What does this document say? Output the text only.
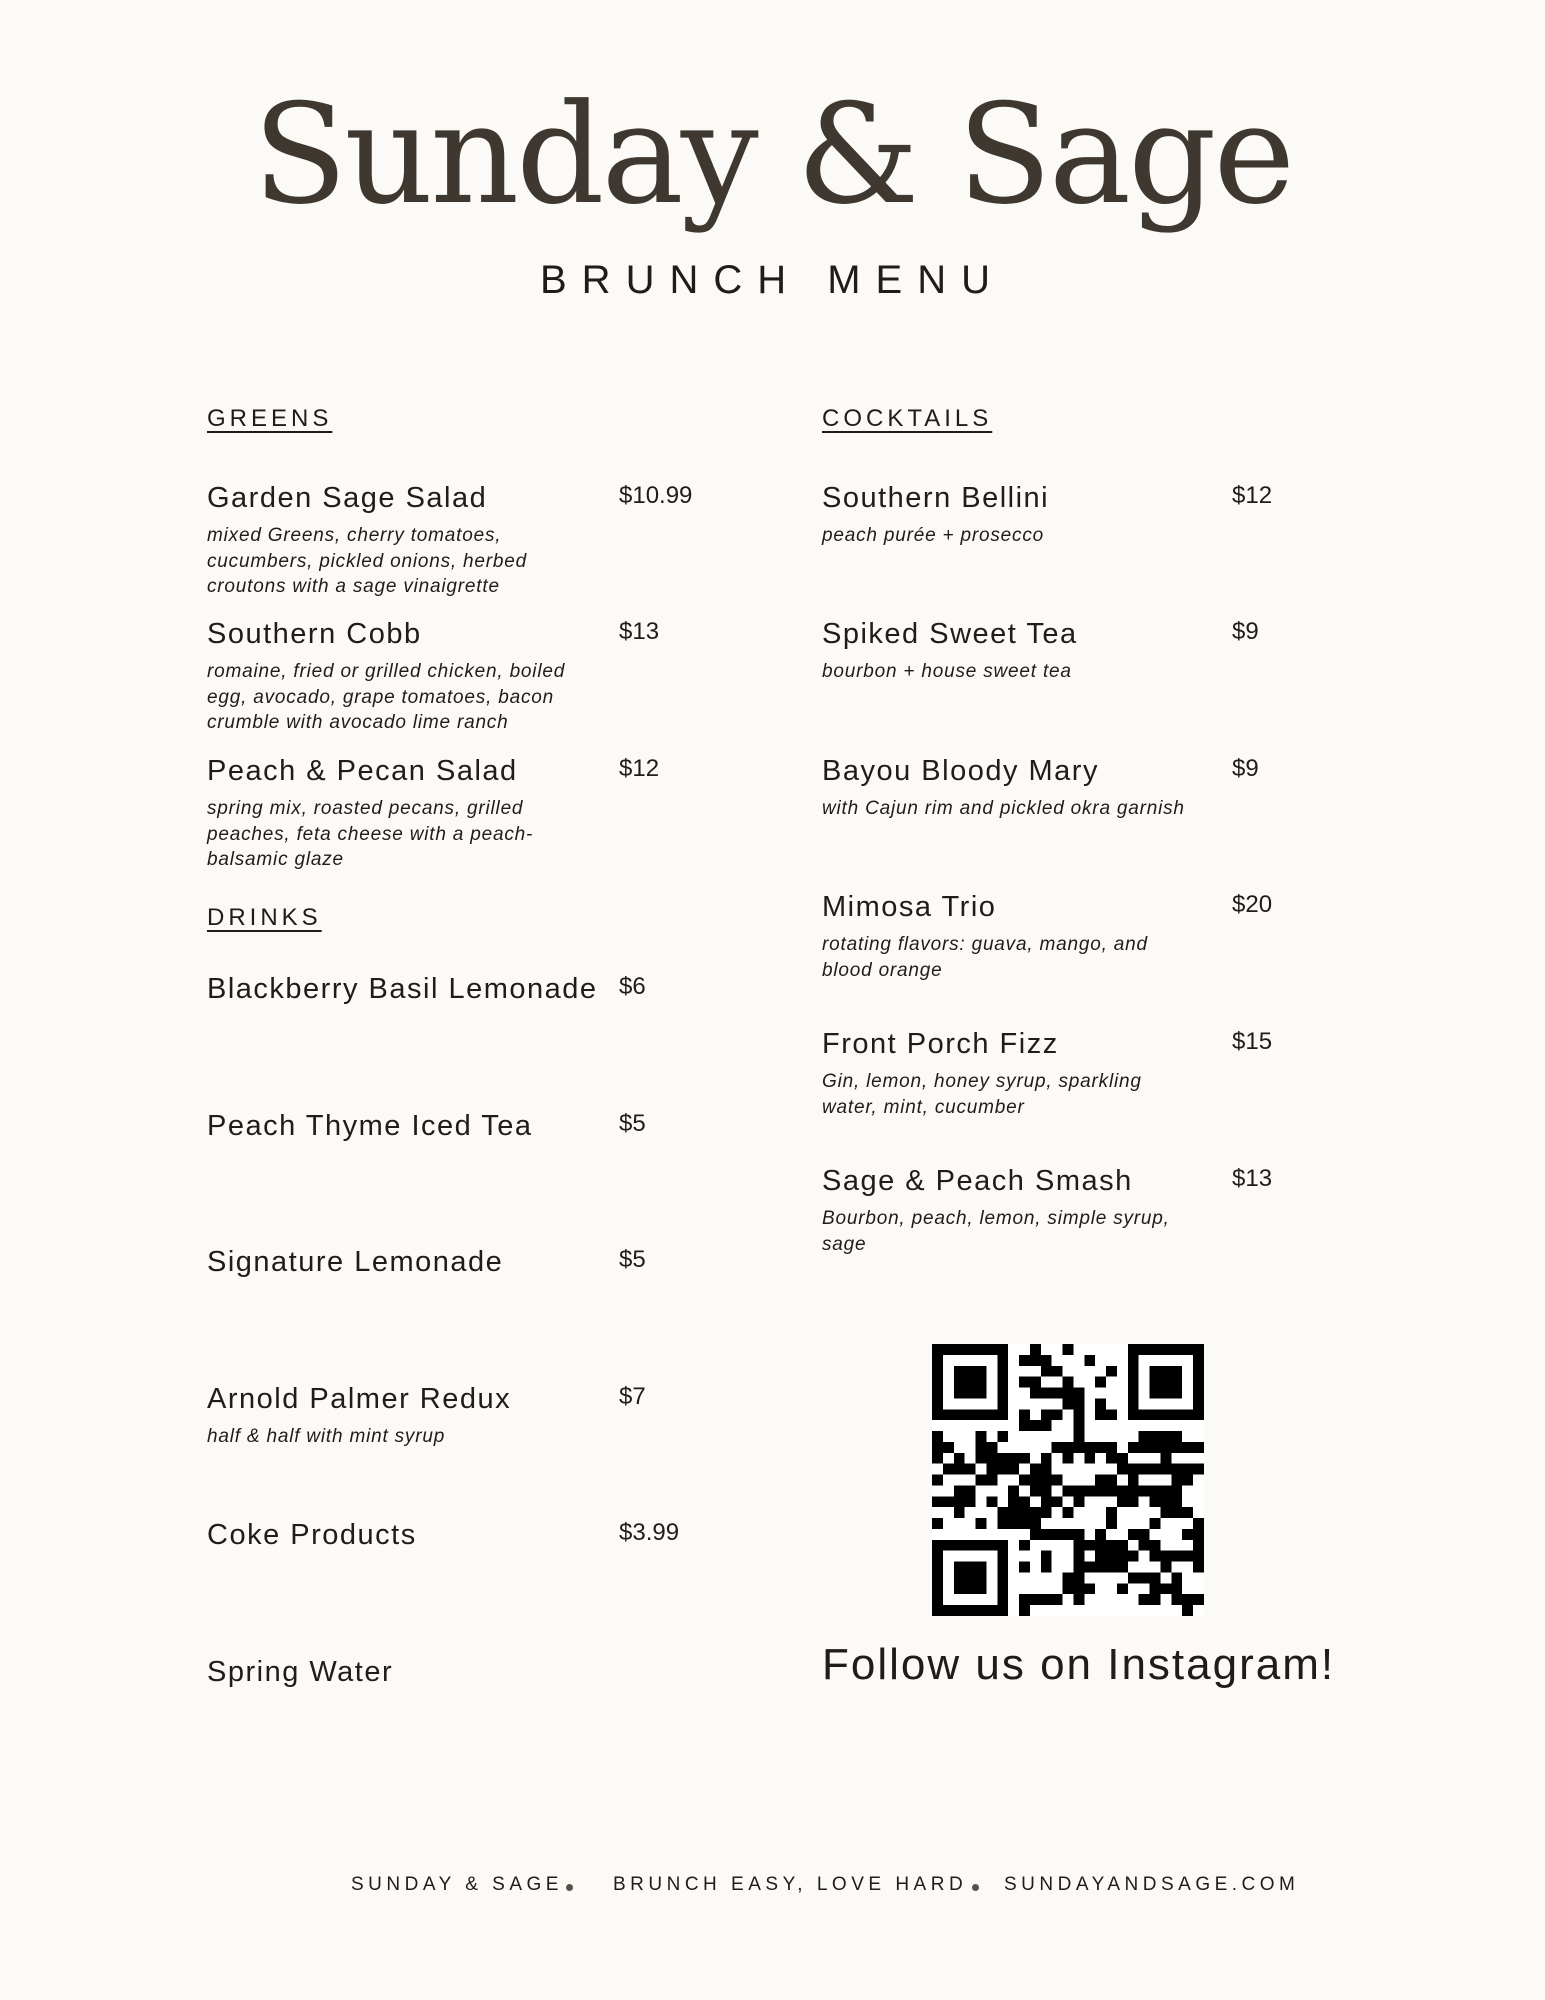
Sunday & Sage
BRUNCH MENU
GREENS
Garden Sage Salad	$10.99
mixed Greens, cherry tomatoes, cucumbers, pickled onions, herbed croutons with a sage vinaigrette
Southern Cobb	$13
romaine, fried or grilled chicken, boiled egg, avocado, grape tomatoes, bacon crumble with avocado lime ranch
Peach & Pecan Salad	$12
spring mix, roasted pecans, grilled peaches, feta cheese with a peach-balsamic glaze
DRINKS
Blackberry Basil Lemonade $6
Peach Thyme Iced Tea	$5
Signature Lemonade	$5
Arnold Palmer Redux	$7
half & half with mint syrup
Coke Products	$3.99
Spring Water
COCKTAILS
Southern Bellini	$12
peach purée + prosecco
Spiked Sweet Tea	$9
bourbon + house sweet tea
Bayou Bloody Mary	$9
with Cajun rim and pickled okra garnish
Mimosa Trio	$20
rotating flavors: guava, mango, and blood orange
Front Porch Fizz	$15
Gin, lemon, honey syrup, sparkling water, mint, cucumber
Sage & Peach Smash	$13
Bourbon, peach, lemon, simple syrup, sage
Follow us on Instagram!
SUNDAY & SAGE	BRUNCH EASY, LOVE HARD SUNDAYANDSAGE.COM
